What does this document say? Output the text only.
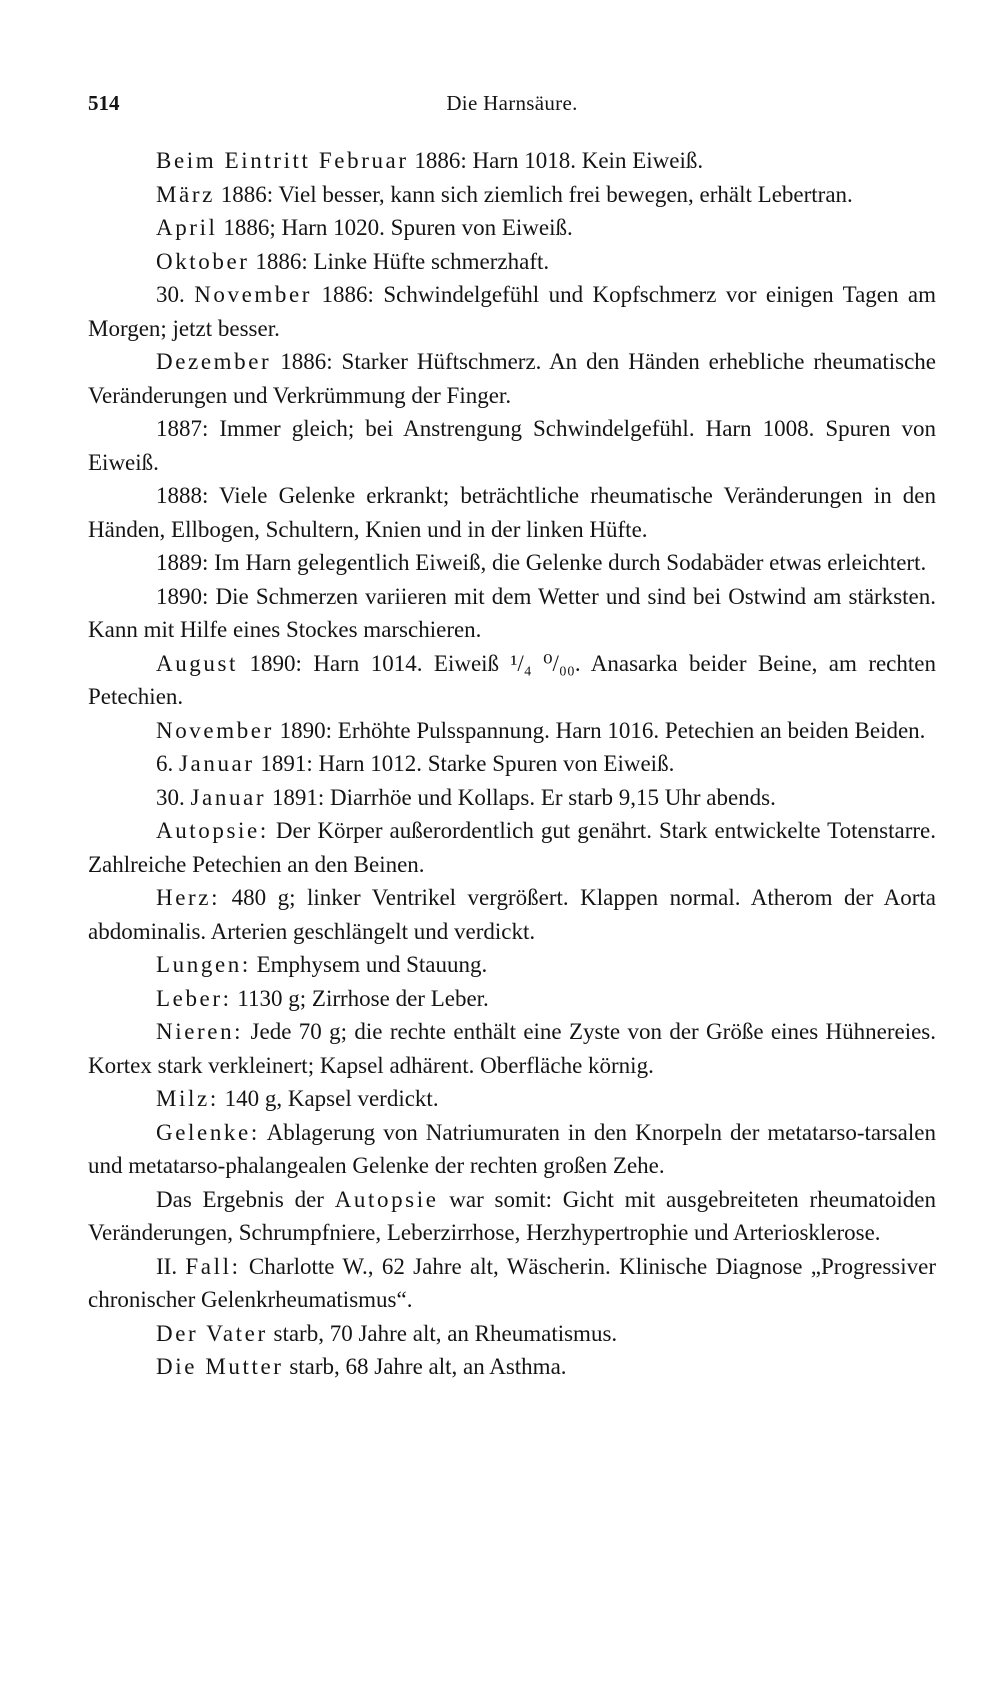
514	Die Harnsäure.

Beim Eintritt Februar 1886: Harn 1018. Kein Eiweiß.

März 1886: Viel besser, kann sich ziemlich frei bewegen, erhält Lebertran.

April 1886; Harn 1020. Spuren von Eiweiß.

Oktober 1886: Linke Hüfte schmerzhaft.

30. November 1886: Schwindelgefühl und Kopfschmerz vor einigen Tagen am Morgen; jetzt besser.

Dezember 1886: Starker Hüftschmerz. An den Händen erhebliche rheumatische Veränderungen und Verkrümmung der Finger.

1887: Immer gleich; bei Anstrengung Schwindelgefühl. Harn 1008. Spuren von Eiweiß.

1888: Viele Gelenke erkrankt; beträchtliche rheumatische Veränderungen in den Händen, Ellbogen, Schultern, Knien und in der linken Hüfte.

1889: Im Harn gelegentlich Eiweiß, die Gelenke durch Sodabäder etwas erleichtert.

1890: Die Schmerzen variieren mit dem Wetter und sind bei Ostwind am stärksten. Kann mit Hilfe eines Stockes marschieren.

August 1890: Harn 1014. Eiweiß ¹/₄ ⁰/₀₀. Anasarka beider Beine, am rechten Petechien.

November 1890: Erhöhte Pulsspannung. Harn 1016. Petechien an beiden Beiden.

6. Januar 1891: Harn 1012. Starke Spuren von Eiweiß.

30. Januar 1891: Diarrhöe und Kollaps. Er starb 9,15 Uhr abends.

Autopsie: Der Körper außerordentlich gut genährt. Stark entwickelte Totenstarre. Zahlreiche Petechien an den Beinen.

Herz: 480 g; linker Ventrikel vergrößert. Klappen normal. Atherom der Aorta abdominalis. Arterien geschlängelt und verdickt.

Lungen: Emphysem und Stauung.

Leber: 1130 g; Zirrhose der Leber.

Nieren: Jede 70 g; die rechte enthält eine Zyste von der Größe eines Hühnereies. Kortex stark verkleinert; Kapsel adhärent. Oberfläche körnig.

Milz: 140 g, Kapsel verdickt.

Gelenke: Ablagerung von Natriumuraten in den Knorpeln der metatarso-tarsalen und metatarso-phalangealen Gelenke der rechten großen Zehe.

Das Ergebnis der Autopsie war somit: Gicht mit ausgebreiteten rheumatoiden Veränderungen, Schrumpfniere, Leberzirrhose, Herzhypertrophie und Arteriosklerose.

II. Fall: Charlotte W., 62 Jahre alt, Wäscherin. Klinische Diagnose „Progressiver chronischer Gelenkrheumatismus“.

Der Vater starb, 70 Jahre alt, an Rheumatismus.

Die Mutter starb, 68 Jahre alt, an Asthma.
